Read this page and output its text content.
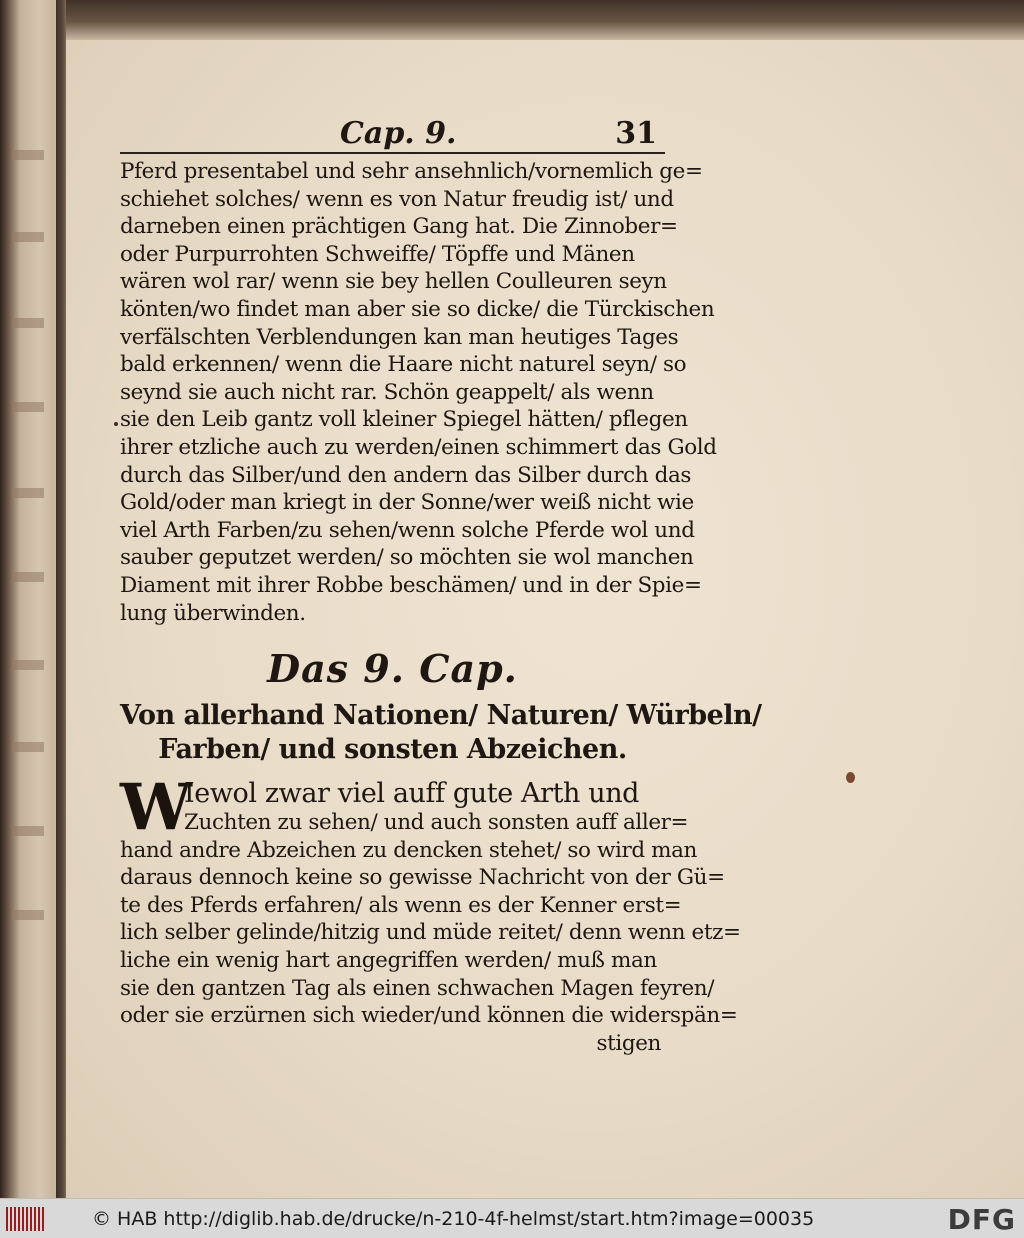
Cap. 9.	31
Pferd presentabel und sehr ansehnlich/vornemlich ge=
schiehet solches/ wenn es von Natur freudig ist/ und
darneben einen prächtigen Gang hat. Die Zinnober=
oder Purpurrohten Schweiffe/ Töpffe und Mänen
wären wol rar/ wenn sie bey hellen Coulleuren seyn
könten/wo findet man aber sie so dicke/ die Türckischen
verfälschten Verblendungen kan man heutiges Tages
bald erkennen/ wenn die Haare nicht naturel seyn/ so
seynd sie auch nicht rar. Schön geappelt/ als wenn
sie den Leib gantz voll kleiner Spiegel hätten/ pflegen
ihrer etzliche auch zu werden/einen schimmert das Gold
durch das Silber/und den andern das Silber durch das
Gold/oder man kriegt in der Sonne/wer weiß nicht wie
viel Arth Farben/zu sehen/wenn solche Pferde wol und
sauber geputzet werden/ so möchten sie wol manchen
Diament mit ihrer Robbe beschämen/ und in der Spie=
lung überwinden.
Das 9. Cap.
Von allerhand Nationen/ Naturen/ Würbeln/
Farben/ und sonsten Abzeichen.
W
Iewol zwar viel auff gute Arth und
Zuchten zu sehen/ und auch sonsten auff aller=
hand andre Abzeichen zu dencken stehet/ so wird man
daraus dennoch keine so gewisse Nachricht von der Gü=
te des Pferds erfahren/ als wenn es der Kenner erst=
lich selber gelinde/hitzig und müde reitet/ denn wenn etz=
liche ein wenig hart angegriffen werden/ muß man
sie den gantzen Tag als einen schwachen Magen feyren/
oder sie erzürnen sich wieder/und können die widerspän=
stigen
© HAB http://diglib.hab.de/drucke/n-210-4f-helmst/start.htm?image=00035	DFG
